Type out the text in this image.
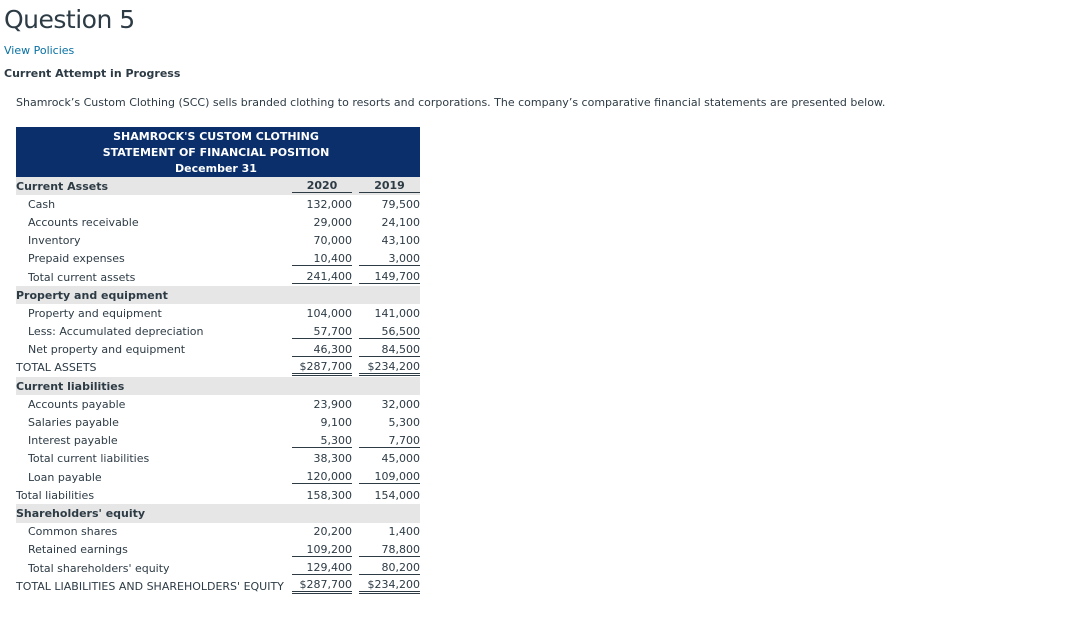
Question 5
View Policies
Current Attempt in Progress
Shamrock’s Custom Clothing (SCC) sells branded clothing to resorts and corporations. The company’s comparative financial statements are presented below.
SHAMROCK'S CUSTOM CLOTHING
STATEMENT OF FINANCIAL POSITION
December 31
Current Assets	2020	2019
Cash	132,000	79,500
Accounts receivable	29,000	24,100
Inventory	70,000	43,100
Prepaid expenses	10,400	3,000
Total current assets	241,400	149,700
Property and equipment
Property and equipment	104,000	141,000
Less: Accumulated depreciation	57,700	56,500
Net property and equipment	46,300	84,500
TOTAL ASSETS	$287,700	$234,200
Current liabilities
Accounts payable	23,900	32,000
Salaries payable	9,100	5,300
Interest payable	5,300	7,700
Total current liabilities	38,300	45,000
Loan payable	120,000	109,000
Total liabilities	158,300	154,000
Shareholders' equity
Common shares	20,200	1,400
Retained earnings	109,200	78,800
Total shareholders' equity	129,400	80,200
TOTAL LIABILITIES AND SHAREHOLDERS' EQUITY	$287,700	$234,200
